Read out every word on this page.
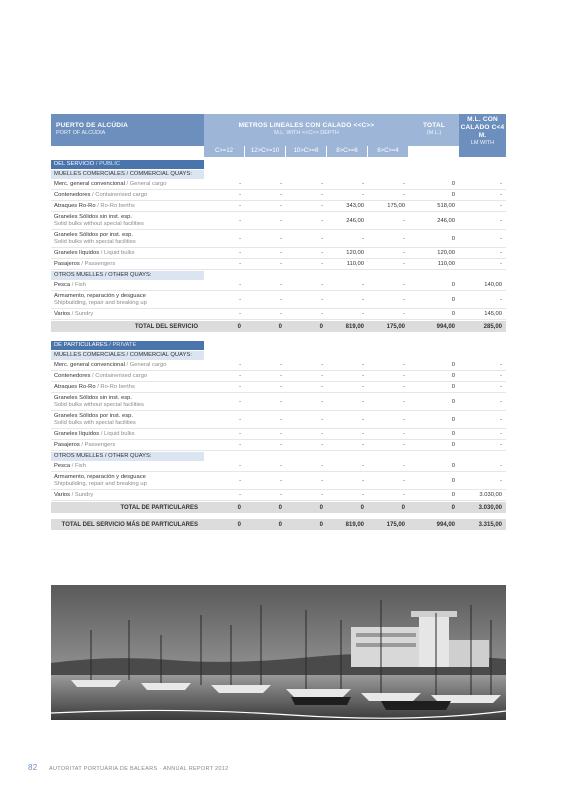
PUERTO DE ALCÚDIA
PORT OF ALCÚDIA
METROS LINEALES CON CALADO <<C>>
M.L. WITH <<C>> DEPTH
TOTAL
(M.L.)
M.L. CON
CALADO C<4 M.
LM WITH
C>=12	12>C>=10	10>C>=8	8>C>=6	6>C>=4
DEL SERVICIO / PUBLIC
MUELLES COMERCIALES / COMMERCIAL QUAYS:
Merc. general convencional / General cargo	-	-	-	-	-	0	-
Contenedores / Containerised cargo	-	-	-	-	-	0	-
Atraques Ro-Ro / Ro-Ro berths	-	-	-	343,00	175,00	518,00	-
Graneles Sólidos sin inst. esp.
Solid bulks without special facilities	-	-	-	246,00	-	246,00	-
Graneles Sólidos por inst. esp.
Solid bulks with special facilities	-	-	-	-	-	0	-
Graneles líquidos / Liquid bulks	-	-	-	120,00	-	120,00	-
Pasajeros / Passengers	-	-	-	110,00	-	110,00	-
OTROS MUELLES / OTHER QUAYS:
Pesca / Fish	-	-	-	-	-	0	140,00
Armamento, reparación y desguace
Shipbuilding, repair and breaking up	-	-	-	-	-	0	-
Varios / Sundry	-	-	-	-	-	0	145,00
TOTAL DEL SERVICIO	0	0	0	819,00	175,00	994,00	285,00
DE PARTICULARES / PRIVATE
MUELLES COMERCIALES / COMMERCIAL QUAYS:
Merc. general convencional / General cargo	-	-	-	-	-	0	-
Contenedores / Containerised cargo	-	-	-	-	-	0	-
Atraques Ro-Ro / Ro-Ro berths	-	-	-	-	-	0	-
Graneles Sólidos sin inst. esp.
Solid bulks without special facilities	-	-	-	-	-	0	-
Graneles Sólidos por inst. esp.
Solid bulks with special facilities	-	-	-	-	-	0	-
Graneles líquidos / Liquid bulks	-	-	-	-	-	0	-
Pasajeros / Passengers	-	-	-	-	-	0	-
OTROS MUELLES / OTHER QUAYS:
Pesca / Fish	-	-	-	-	-	0	-
Armamento, reparación y desguace
Shipbuilding, repair and breaking up	-	-	-	-	-	0	-
Varios / Sundry	-	-	-	-	-	0	3.030,00
TOTAL DE PARTICULARES	0	0	0	0	0	0	3.030,00
TOTAL DEL SERVICIO MÁS DE PARTICULARES	0	0	0	819,00	175,00	994,00	3.315,00
82 AUTORITAT PORTUÀRIA DE BALEARS · ANNUAL REPORT 2012
